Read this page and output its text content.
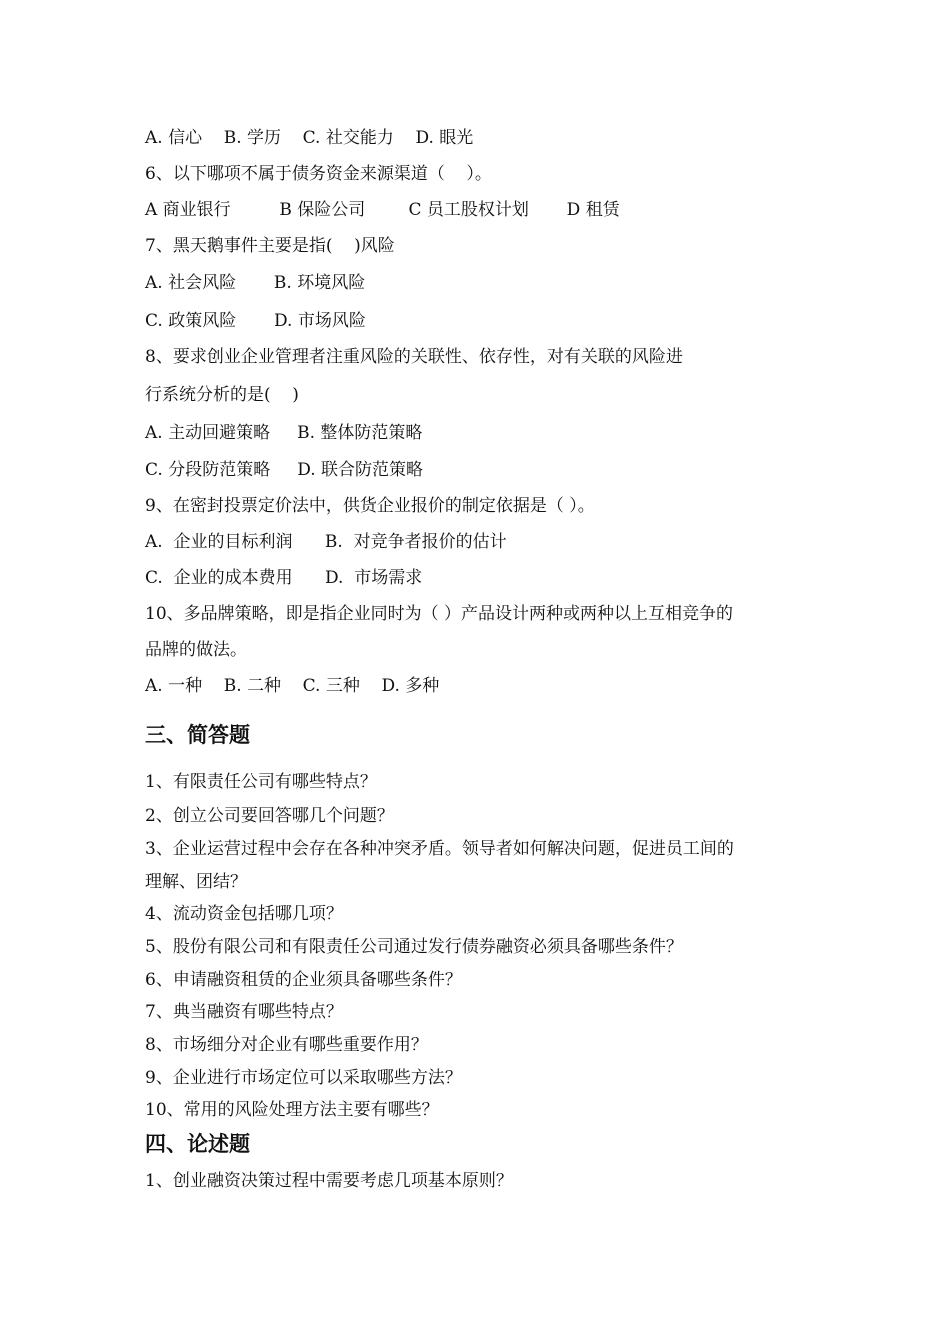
A. 信心    B. 学历    C. 社交能力    D. 眼光
6、以下哪项不属于债务资金来源渠道（    ）。
A 商业银行         B 保险公司        C 员工股权计划       D 租赁
7、黑天鹅事件主要是指(    )风险
A. 社会风险       B. 环境风险
C. 政策风险       D. 市场风险
8、要求创业企业管理者注重风险的关联性、依存性，对有关联的风险进
行系统分析的是(    )
A. 主动回避策略     B. 整体防范策略
C. 分段防范策略     D. 联合防范策略
9、在密封投票定价法中，供货企业报价的制定依据是（ ）。
A.  企业的目标利润      B.  对竞争者报价的估计
C.  企业的成本费用      D.  市场需求
10、多品牌策略，即是指企业同时为（ ）产品设计两种或两种以上互相竞争的
品牌的做法。
A. 一种    B. 二种    C. 三种    D. 多种
三、简答题
1、有限责任公司有哪些特点？
2、创立公司要回答哪几个问题？
3、企业运营过程中会存在各种冲突矛盾。领导者如何解决问题，促进员工间的
理解、团结？
4、流动资金包括哪几项？
5、股份有限公司和有限责任公司通过发行债券融资必须具备哪些条件？
6、申请融资租赁的企业须具备哪些条件？
7、典当融资有哪些特点？
8、市场细分对企业有哪些重要作用？
9、企业进行市场定位可以采取哪些方法？
10、常用的风险处理方法主要有哪些？
四、论述题
1、创业融资决策过程中需要考虑几项基本原则？
